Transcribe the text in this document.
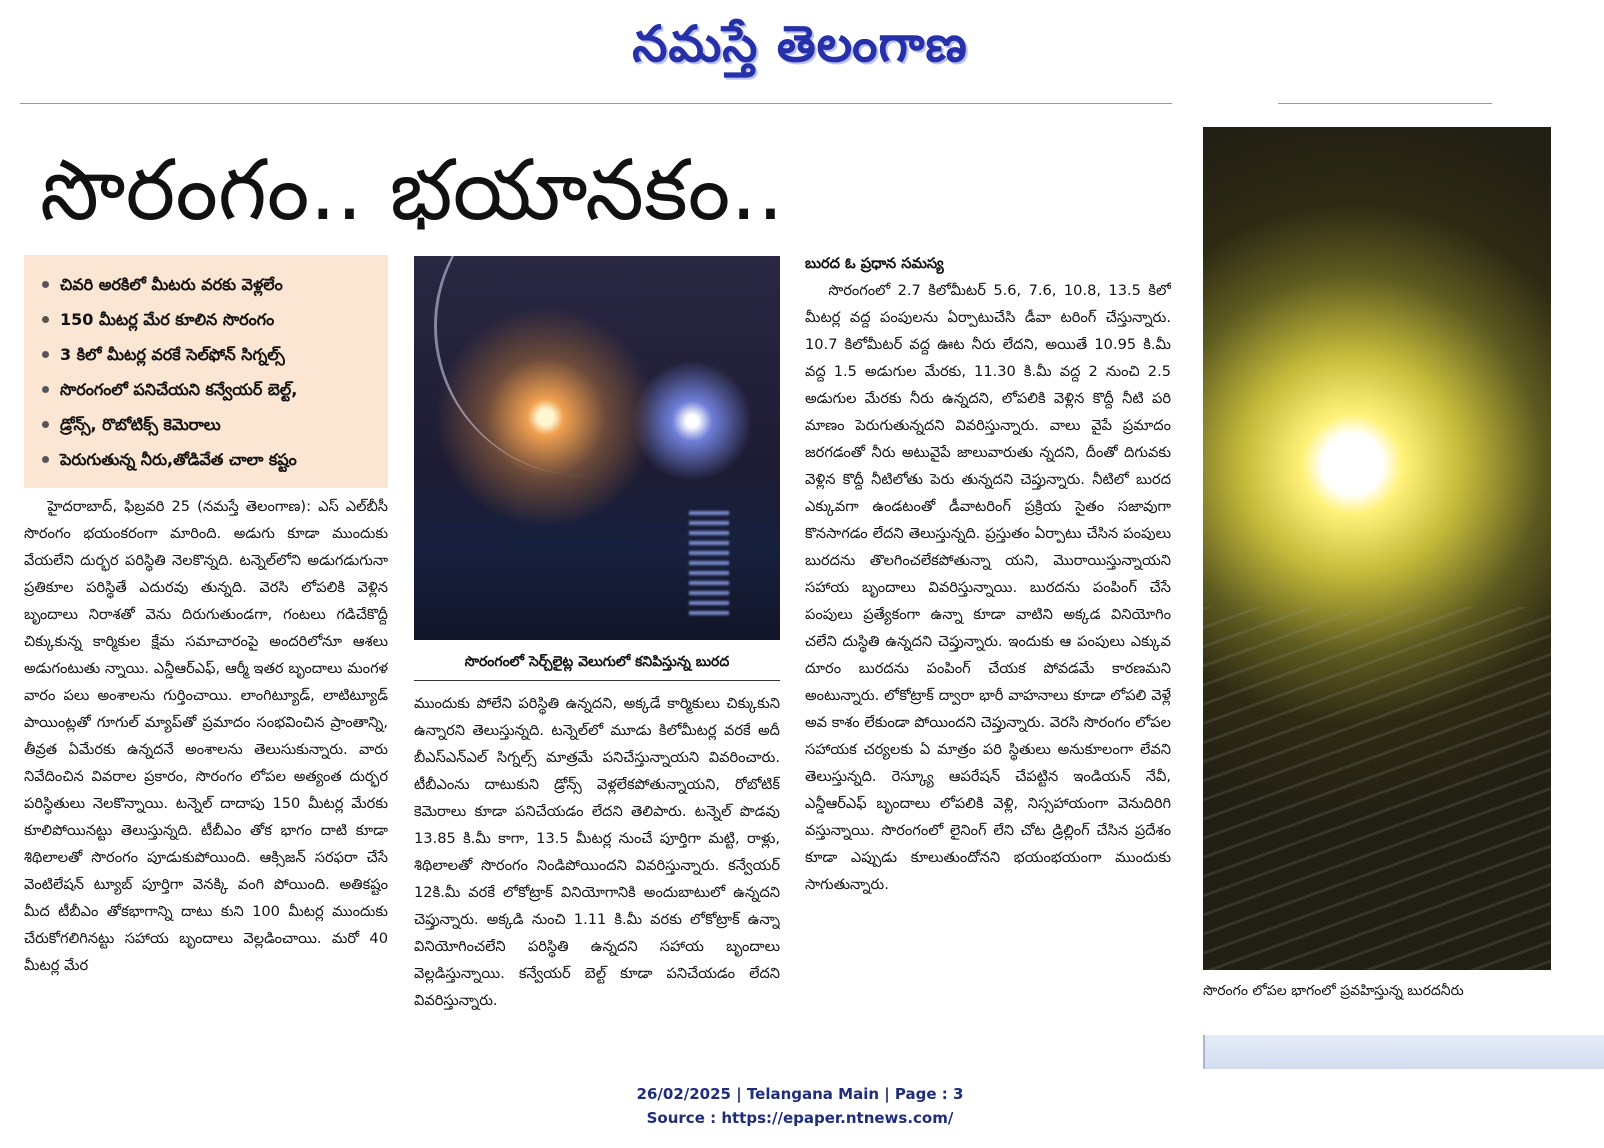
నమస్తే తెలంగాణ
సొరంగం.. భయానకం..
చివరి అరకిలో మీటరు వరకు వెళ్లలేం
150 మీటర్ల మేర కూలిన సొరంగం
3 కిలో మీటర్ల వరకే సెల్‌ఫోన్ సిగ్నల్స్
సొరంగంలో పనిచేయని కన్వేయర్ బెల్ట్,
డ్రోన్స్, రొబోటిక్స్ కెమెరాలు
పెరుగుతున్న నీరు,తోడివేత చాలా కష్టం

హైదరాబాద్, ఫిబ్రవరి 25 (నమస్తే తెలంగాణ): ఎస్ ఎల్‌బీసీ సొరంగం భయంకరంగా మారింది. అడుగు కూడా ముందుకు వేయలేని దుర్భర పరిస్థితి నెలకొన్నది. టన్నెల్‌లోని అడుగడుగునా ప్రతికూల పరిస్థితే ఎదురవు తున్నది. వెరసి లోపలికి వెళ్లిన బృందాలు నిరాశతో వెను దిరుగుతుండగా, గంటలు గడిచేకొద్దీ చిక్కుకున్న కార్మికుల క్షేమ సమాచారంపై అందరిలోనూ ఆశలు అడుగంటుతు న్నాయి. ఎన్డీఆర్‌ఎఫ్, ఆర్మీ ఇతర బృందాలు మంగళ వారం పలు అంశాలను గుర్తించాయి. లాంగిట్యూడ్, లాటిట్యూడ్ పాయింట్లతో గూగుల్ మ్యాప్‌తో ప్రమాదం సంభవించిన ప్రాంతాన్ని, తీవ్రత ఏమేరకు ఉన్నదనే అంశాలను తెలుసుకున్నారు. వారు నివేదించిన వివరాల ప్రకారం, సొరంగం లోపల అత్యంత దుర్భర పరిస్థితులు నెలకొన్నాయి. టన్నెల్ దాదాపు 150 మీటర్ల మేరకు కూలిపోయినట్టు తెలుస్తున్నది. టీబీఎం తోక భాగం దాటి కూడా శిథిలాలతో సొరంగం పూడుకుపోయింది. ఆక్సిజన్ సరఫరా చేసే వెంటిలేషన్ ట్యూబ్ పూర్తిగా వెనక్కి వంగి పోయింది. అతికష్టం మీద టీబీఎం తోకభాగాన్ని దాటు కుని 100 మీటర్ల ముందుకు చేరుకోగలిగినట్టు సహాయ బృందాలు వెల్లడించాయి. మరో 40 మీటర్ల మేర

సొరంగంలో సెర్చ్‌లైట్ల వెలుగులో కనిపిస్తున్న బురద

ముందుకు పోలేని పరిస్థితి ఉన్నదని, అక్కడే కార్మికులు చిక్కుకుని ఉన్నారని తెలుస్తున్నది. టన్నెల్‌లో మూడు కిలోమీటర్ల వరకే అదీ బీఎస్‌ఎన్‌ఎల్ సిగ్నల్స్ మాత్రమే పనిచేస్తున్నాయని వివరించారు. టీబీఎంను దాటుకుని డ్రోన్స్ వెళ్లలేకపోతున్నాయని, రోబోటిక్ కెమెరాలు కూడా పనిచేయడం లేదని తెలిపారు. టన్నెల్ పొడవు 13.85 కి.మీ కాగా, 13.5 మీటర్ల నుంచే పూర్తిగా మట్టి, రాళ్లు, శిథిలాలతో సొరంగం నిండిపోయిందని వివరిస్తున్నారు. కన్వేయర్ 12కి.మీ వరకే లోకోట్రాక్ వినియోగానికి అందుబాటులో ఉన్నదని చెప్తున్నారు. అక్కడి నుంచి 1.11 కి.మీ వరకు లోకోట్రాక్ ఉన్నా వినియోగించలేని పరిస్థితి ఉన్నదని సహాయ బృందాలు వెల్లడిస్తున్నాయి. కన్వేయర్ బెల్ట్ కూడా పనిచేయడం లేదని వివరిస్తున్నారు.

బురద ఓ ప్రధాన సమస్య

సొరంగంలో 2.7 కిలోమీటర్ 5.6, 7.6, 10.8, 13.5 కిలో మీటర్ల వద్ద పంపులను ఏర్పాటుచేసి డీవా టరింగ్ చేస్తున్నారు. 10.7 కిలోమీటర్ వద్ద ఊట నీరు లేదని, అయితే 10.95 కి.మీ వద్ద 1.5 అడుగుల మేరకు, 11.30 కి.మీ వద్ద 2 నుంచి 2.5 అడుగుల మేరకు నీరు ఉన్నదని, లోపలికి వెళ్లిన కొద్దీ నీటి పరి మాణం పెరుగుతున్నదని వివరిస్తున్నారు. వాలు వైపే ప్రమాదం జరగడంతో నీరు అటువైపే జాలువారుతు న్నదని, దీంతో దిగువకు వెళ్లిన కొద్దీ నీటిలోతు పెరు తున్నదని చెప్తున్నారు. నీటిలో బురద ఎక్కువగా ఉండటంతో డీవాటరింగ్ ప్రక్రియ సైతం సజావుగా కొనసాగడం లేదని తెలుస్తున్నది. ప్రస్తుతం ఏర్పాటు చేసిన పంపులు బురదను తొలగించలేకపోతున్నా యని, మొరాయిస్తున్నాయని సహాయ బృందాలు వివరిస్తున్నాయి. బురదను పంపింగ్ చేసే పంపులు ప్రత్యేకంగా ఉన్నా కూడా వాటిని అక్కడ వినియోగిం చలేని దుస్థితి ఉన్నదని చెప్తున్నారు. ఇందుకు ఆ పంపులు ఎక్కువ దూరం బురదను పంపింగ్ చేయక పోవడమే కారణమని అంటున్నారు. లోకోట్రాక్ ద్వారా భారీ వాహనాలు కూడా లోపలి వెళ్లే అవ కాశం లేకుండా పోయిందని చెప్తున్నారు. వెరసి సొరంగం లోపల సహాయక చర్యలకు ఏ మాత్రం పరి స్థితులు అనుకూలంగా లేవని తెలుస్తున్నది. రెస్క్యూ ఆపరేషన్ చేపట్టిన ఇండియన్ నేవీ, ఎన్డీఆర్‌ఎఫ్ బృందాలు లోపలికి వెళ్లి, నిస్సహాయంగా వెనుదిరిగి వస్తున్నాయి. సొరంగంలో లైనింగ్ లేని చోట డ్రిల్లింగ్ చేసిన ప్రదేశం కూడా ఎప్పుడు కూలుతుందోనని భయంభయంగా ముందుకు సాగుతున్నారు.

సొరంగం లోపల భాగంలో ప్రవహిస్తున్న బురదనీరు
26/02/2025 | Telangana Main | Page : 3
Source : https://epaper.ntnews.com/
